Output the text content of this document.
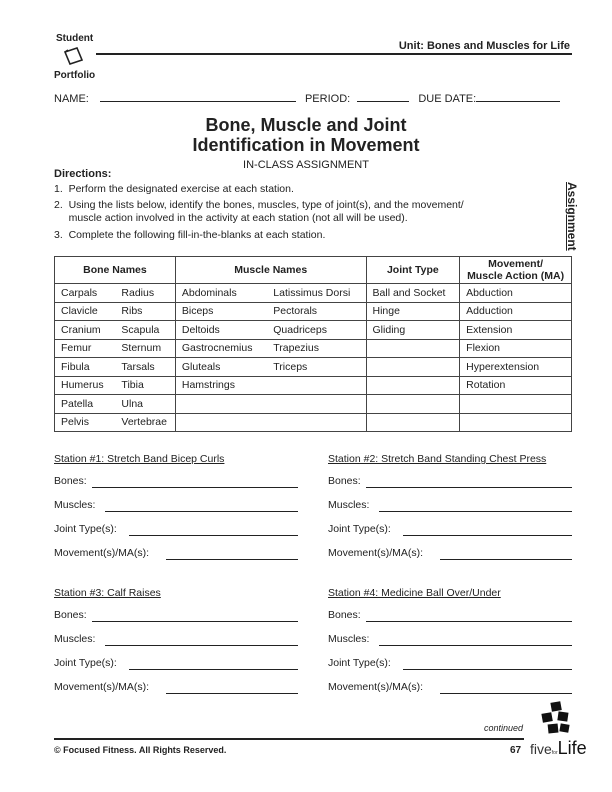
Student
Portfolio
Unit: Bones and Muscles for Life
NAME:	PERIOD:	DUE DATE:
Bone, Muscle and Joint
Identification in Movement
IN-CLASS ASSIGNMENT
Assignment
Directions:
1.  Perform the designated exercise at each station.
2.  Using the lists below, identify the bones, muscles, type of joint(s), and the movement/
muscle action involved in the activity at each station (not all will be used).
3.  Complete the following fill-in-the-blanks at each station.
Bone Names		Muscle Names		Joint Type	Movement/
Muscle Action (MA)

Carpals	Radius	Abdominals	Latissimus Dorsi	Ball and Socket	Abduction
Clavicle	Ribs	Biceps	Pectorals	Hinge	Adduction
Cranium	Scapula	Deltoids	Quadriceps	Gliding	Extension
Femur	Sternum	Gastrocnemius	Trapezius		Flexion
Fibula	Tarsals	Gluteals	Triceps		Hyperextension
Humerus	Tibia	Hamstrings			Rotation
Patella	Ulna				
Pelvis	Vertebrae				
Station #1: Stretch Band Bicep Curls
Bones:
Muscles:
Joint Type(s):
Movement(s)/MA(s):
Station #2: Stretch Band Standing Chest Press
Bones:
Muscles:
Joint Type(s):
Movement(s)/MA(s):
Station #3: Calf Raises
Bones:
Muscles:
Joint Type(s):
Movement(s)/MA(s):
Station #4: Medicine Ball Over/Under
Bones:
Muscles:
Joint Type(s):
Movement(s)/MA(s):
continued
© Focused Fitness. All Rights Reserved.	67 fiveforLife
